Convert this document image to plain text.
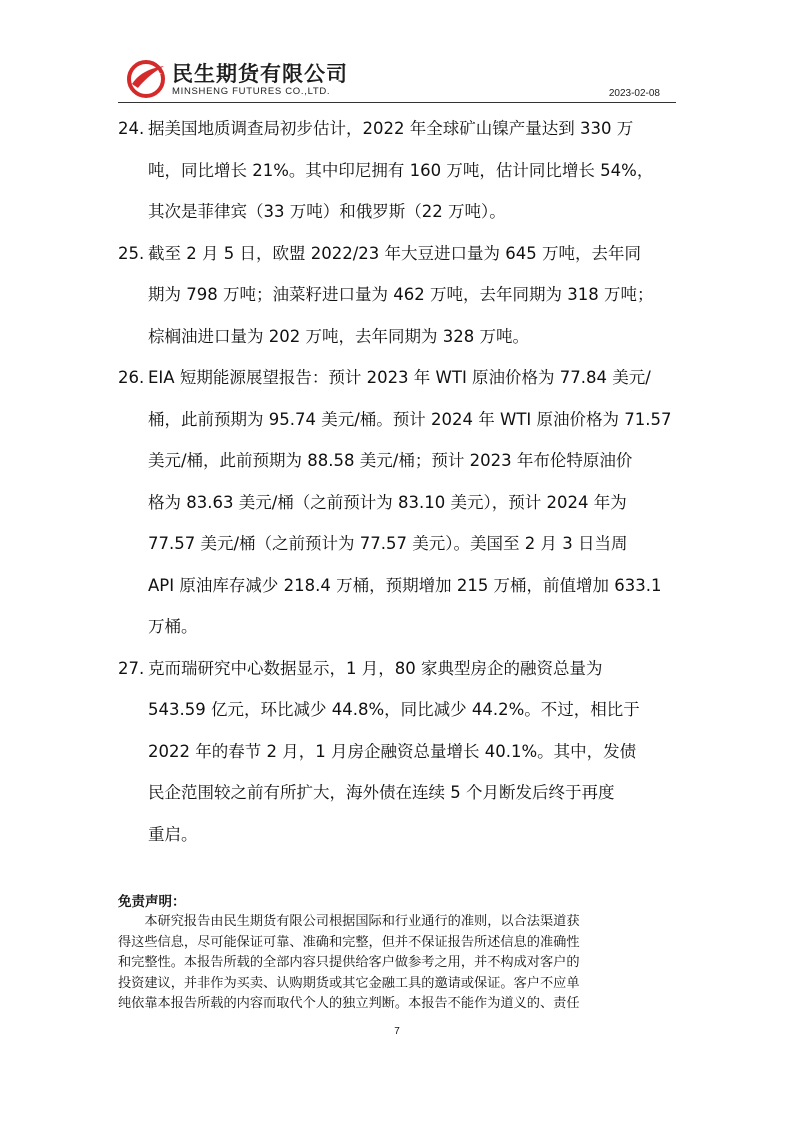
民生期货有限公司
MINSHENG FUTURES CO.,LTD.	2023-02-08
24. 据美国地质调查局初步估计，2022 年全球矿山镍产量达到 330 万
吨，同比增长 21%。其中印尼拥有 160 万吨，估计同比增长 54%，
其次是菲律宾（33 万吨）和俄罗斯（22 万吨）。
25. 截至 2 月 5 日，欧盟 2022/23 年大豆进口量为 645 万吨，去年同
期为 798 万吨；油菜籽进口量为 462 万吨，去年同期为 318 万吨；
棕榈油进口量为 202 万吨，去年同期为 328 万吨。
26. EIA 短期能源展望报告：预计 2023 年 WTI 原油价格为 77.84 美元/
桶，此前预期为 95.74 美元/桶。预计 2024 年 WTI 原油价格为 71.57
美元/桶，此前预期为 88.58 美元/桶；预计 2023 年布伦特原油价
格为 83.63 美元/桶（之前预计为 83.10 美元），预计 2024 年为
77.57 美元/桶（之前预计为 77.57 美元）。美国至 2 月 3 日当周
API 原油库存减少 218.4 万桶，预期增加 215 万桶，前值增加 633.1
万桶。
27. 克而瑞研究中心数据显示，1 月，80 家典型房企的融资总量为
543.59 亿元，环比减少 44.8%，同比减少 44.2%。不过，相比于
2022 年的春节 2 月，1 月房企融资总量增长 40.1%。其中，发债
民企范围较之前有所扩大，海外债在连续 5 个月断发后终于再度
重启。
免责声明：
　　本研究报告由民生期货有限公司根据国际和行业通行的准则，以合法渠道获
得这些信息，尽可能保证可靠、准确和完整，但并不保证报告所述信息的准确性
和完整性。本报告所载的全部内容只提供给客户做参考之用，并不构成对客户的
投资建议，并非作为买卖、认购期货或其它金融工具的邀请或保证。客户不应单
纯依靠本报告所载的内容而取代个人的独立判断。本报告不能作为道义的、责任
7
